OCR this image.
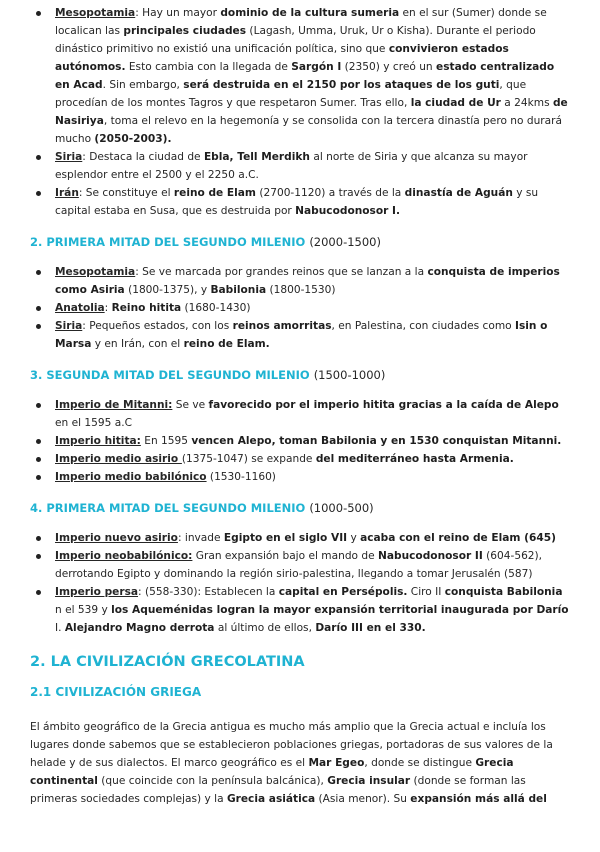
Mesopotamia: Hay un mayor dominio de la cultura sumeria en el sur (Sumer) donde se localican las principales ciudades (Lagash, Umma, Uruk, Ur o Kisha). Durante el periodo dinástico primitivo no existió una unificación política, sino que convivieron estados autónomos. Esto cambia con la llegada de Sargón I (2350) y creó un estado centralizado en Acad. Sin embargo, será destruida en el 2150 por los ataques de los guti, que procedían de los montes Tagros y que respetaron Sumer. Tras ello, la ciudad de Ur a 24kms de Nasiriya, toma el relevo en la hegemonía y se consolida con la tercera dinastía pero no durará mucho (2050-2003).
Siria: Destaca la ciudad de Ebla, Tell Merdikh al norte de Siria y que alcanza su mayor esplendor entre el 2500 y el 2250 a.C.
Irán: Se constituye el reino de Elam (2700-1120) a través de la dinastía de Aguán y su capital estaba en Susa, que es destruida por Nabucodonosor I.
2. PRIMERA MITAD DEL SEGUNDO MILENIO (2000-1500)
Mesopotamia: Se ve marcada por grandes reinos que se lanzan a la conquista de imperios como Asiria (1800-1375), y Babilonia (1800-1530)
Anatolia: Reino hitita (1680-1430)
Siria: Pequeños estados, con los reinos amorritas, en Palestina, con ciudades como Isin o Marsa y en Irán, con el reino de Elam.
3. SEGUNDA MITAD DEL SEGUNDO MILENIO (1500-1000)
Imperio de Mitanni: Se ve favorecido por el imperio hitita gracias a la caída de Alepo en el 1595 a.C
Imperio hitita: En 1595 vencen Alepo, toman Babilonia y en 1530 conquistan Mitanni.
Imperio medio asirio (1375-1047) se expande del mediterráneo hasta Armenia.
Imperio medio babilónico (1530-1160)
4. PRIMERA MITAD DEL SEGUNDO MILENIO (1000-500)
Imperio nuevo asirio: invade Egipto en el siglo VII y acaba con el reino de Elam (645)
Imperio neobabilónico: Gran expansión bajo el mando de Nabucodonosor II (604-562), derrotando Egipto y dominando la región sirio-palestina, llegando a tomar Jerusalén (587)
Imperio persa: (558-330): Establecen la capital en Persépolis. Ciro II conquista Babilonia n el 539 y los Aqueménidas logran la mayor expansión territorial inaugurada por Darío I. Alejandro Magno derrota al último de ellos, Darío III en el 330.
2. LA CIVILIZACIÓN GRECOLATINA
2.1 CIVILIZACIÓN GRIEGA

El ámbito geográfico de la Grecia antigua es mucho más amplio que la Grecia actual e incluía los lugares donde sabemos que se establecieron poblaciones griegas, portadoras de sus valores de la helade y de sus dialectos. El marco geográfico es el Mar Egeo, donde se distingue Grecia continental (que coincide con la península balcánica), Grecia insular (donde se forman las primeras sociedades complejas) y la Grecia asiática (Asia menor). Su expansión más allá del
